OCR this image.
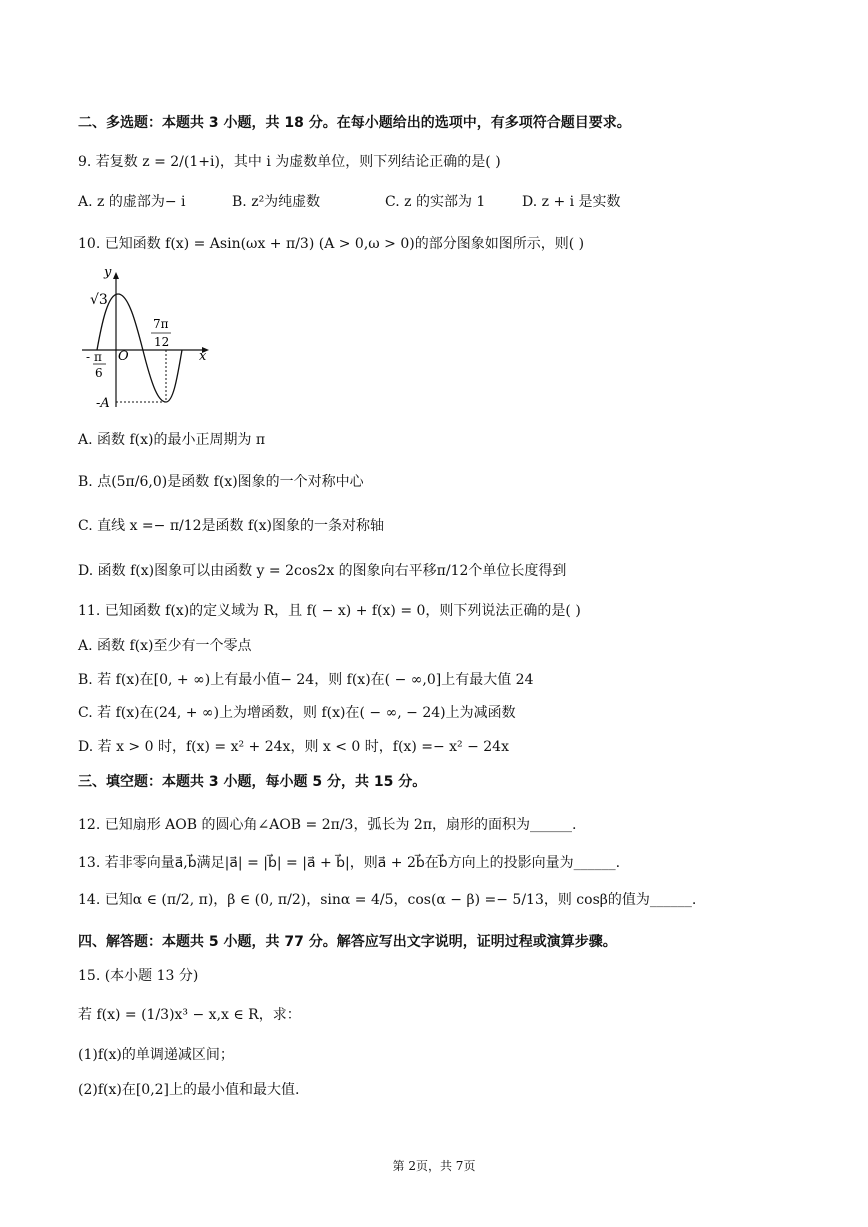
二、多选题：本题共 3 小题，共 18 分。在每小题给出的选项中，有多项符合题目要求。
9. 若复数 z = 2/(1+i)，其中 i 为虚数单位，则下列结论正确的是( )
A. z 的虚部为− i	B. z²为纯虚数	C. z 的实部为 1	D. z + i 是实数
10. 已知函数 f(x) = Asin(ωx + π/3) (A > 0,ω > 0)的部分图象如图所示，则( )
y
x
O
√3
- π
6
7π
12
-A
A. 函数 f(x)的最小正周期为 π
B. 点(5π/6,0)是函数 f(x)图象的一个对称中心
C. 直线 x =− π/12是函数 f(x)图象的一条对称轴
D. 函数 f(x)图象可以由函数 y = 2cos2x 的图象向右平移π/12个单位长度得到
11. 已知函数 f(x)的定义域为 R，且 f( − x) + f(x) = 0，则下列说法正确的是( )
A. 函数 f(x)至少有一个零点
B. 若 f(x)在[0, + ∞)上有最小值− 24，则 f(x)在( − ∞,0]上有最大值 24
C. 若 f(x)在(24, + ∞)上为增函数，则 f(x)在( − ∞, − 24)上为减函数
D. 若 x > 0 时，f(x) = x² + 24x，则 x < 0 时，f(x) =− x² − 24x
三、填空题：本题共 3 小题，每小题 5 分，共 15 分。
12. 已知扇形 AOB 的圆心角∠AOB = 2π/3，弧长为 2π，扇形的面积为______.
13. 若非零向量a⃗,b⃗满足|a⃗| = |b⃗| = |a⃗ + b⃗|，则a⃗ + 2b⃗在b⃗方向上的投影向量为______.
14. 已知α ∈ (π/2, π)，β ∈ (0, π/2)，sinα = 4/5，cos(α − β) =− 5/13，则 cosβ的值为______.
四、解答题：本题共 5 小题，共 77 分。解答应写出文字说明，证明过程或演算步骤。
15. (本小题 13 分)
若 f(x) = (1/3)x³ − x,x ∈ R，求：
(1)f(x)的单调递减区间；
(2)f(x)在[0,2]上的最小值和最大值.
第 2页，共 7页
